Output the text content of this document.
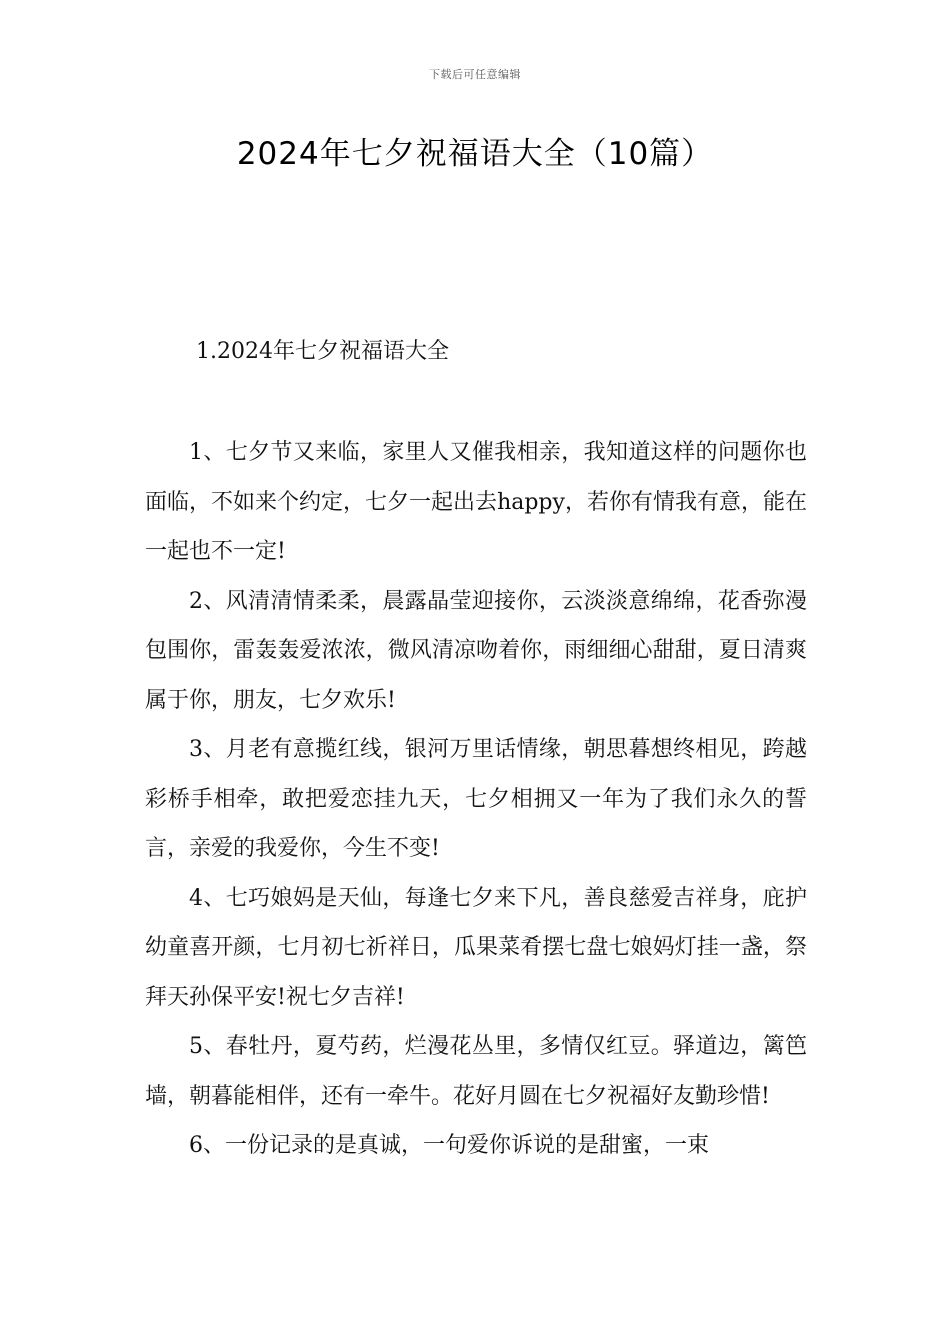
下载后可任意编辑
2024年七夕祝福语大全（10篇）
1.2024年七夕祝福语大全

1、七夕节又来临，家里人又催我相亲，我知道这样的问题你也面临，不如来个约定，七夕一起出去happy，若你有情我有意，能在一起也不一定!

2、风清清情柔柔，晨露晶莹迎接你，云淡淡意绵绵，花香弥漫包围你，雷轰轰爱浓浓，微风清凉吻着你，雨细细心甜甜，夏日清爽属于你，朋友，七夕欢乐!

3、月老有意揽红线，银河万里话情缘，朝思暮想终相见，跨越彩桥手相牵，敢把爱恋挂九天，七夕相拥又一年为了我们永久的誓言，亲爱的我爱你，今生不变!

4、七巧娘妈是天仙，每逢七夕来下凡，善良慈爱吉祥身，庇护幼童喜开颜，七月初七祈祥日，瓜果菜肴摆七盘七娘妈灯挂一盏，祭拜天孙保平安!祝七夕吉祥!

5、春牡丹，夏芍药，烂漫花丛里，多情仅红豆。驿道边，篱笆墙，朝暮能相伴，还有一牵牛。花好月圆在七夕祝福好友勤珍惜!

6、一份记录的是真诚，一句爱你诉说的是甜蜜，一束
